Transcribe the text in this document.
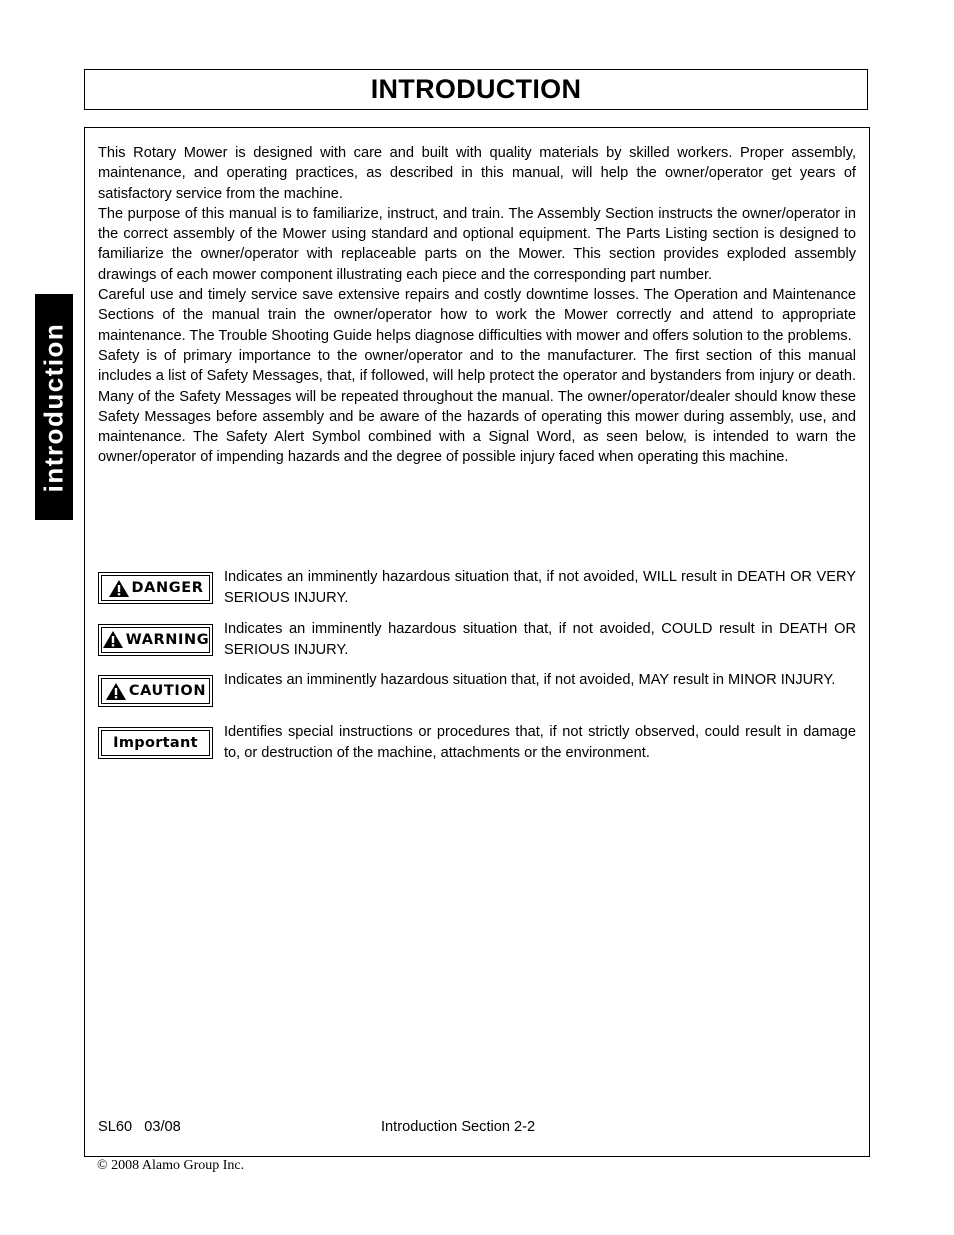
INTRODUCTION
introduction

This Rotary Mower is designed with care and built with quality materials by skilled workers. Proper assembly, maintenance, and operating practices, as described in this manual, will help the owner/operator get years of satisfactory service from the machine.

The purpose of this manual is to familiarize, instruct, and train. The Assembly Section instructs the owner/operator in the correct assembly of the Mower using standard and optional equipment. The Parts Listing section is designed to familiarize the owner/operator with replaceable parts on the Mower. This section provides exploded assembly drawings of each mower component illustrating each piece and the corresponding part number.

Careful use and timely service save extensive repairs and costly downtime losses. The Operation and Maintenance Sections of the manual train the owner/operator how to work the Mower correctly and attend to appropriate maintenance. The Trouble Shooting Guide helps diagnose difficulties with mower and offers solution to the problems.

Safety is of primary importance to the owner/operator and to the manufacturer. The first section of this manual includes a list of Safety Messages, that, if followed, will help protect the operator and bystanders from injury or death. Many of the Safety Messages will be repeated throughout the manual. The owner/operator/dealer should know these Safety Messages before assembly and be aware of the hazards of operating this mower during assembly, use, and maintenance. The Safety Alert Symbol combined with a Signal Word, as seen below, is intended to warn the owner/operator of impending hazards and the degree of possible injury faced when operating this machine.

DANGER
Indicates an imminently hazardous situation that, if not avoided, WILL result in DEATH OR VERY SERIOUS INJURY.
WARNING
Indicates an imminently hazardous situation that, if not avoided, COULD result in DEATH OR SERIOUS INJURY.
CAUTION
Indicates an imminently hazardous situation that, if not avoided, MAY result in MINOR INJURY.
Important
Identifies special instructions or procedures that, if not strictly observed, could result in damage to, or destruction of the machine, attachments or the environment.
SL60 03/08	Introduction Section 2-2
© 2008 Alamo Group Inc.
